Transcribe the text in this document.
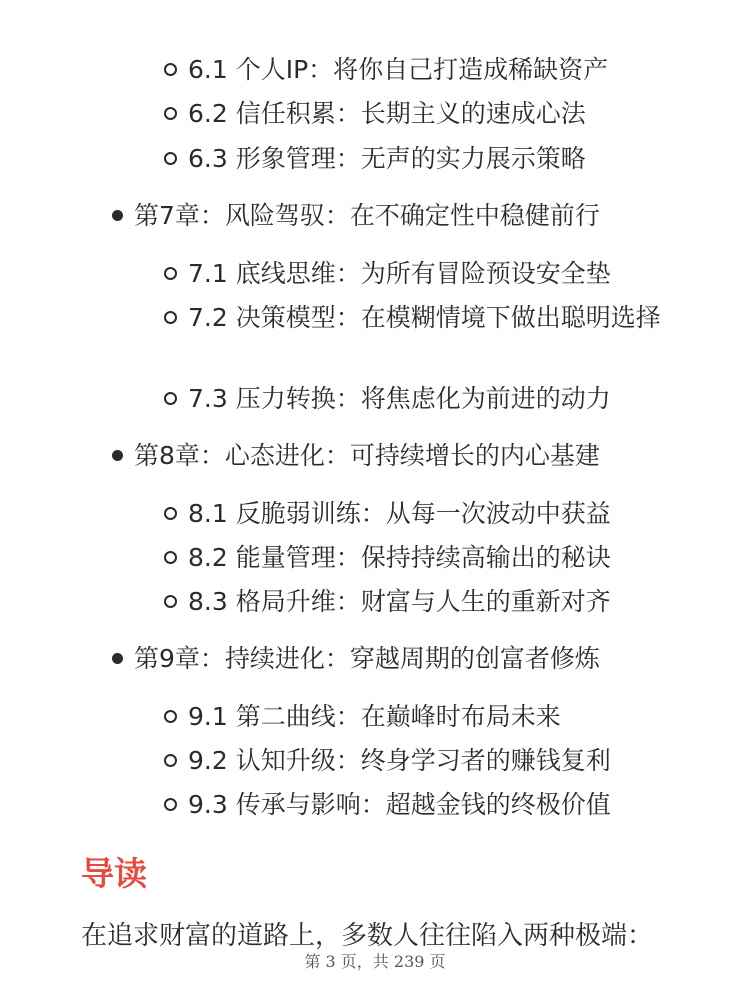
6.1 个人IP：将你自己打造成稀缺资产
6.2 信任积累：长期主义的速成心法
6.3 形象管理：无声的实力展示策略
第7章：风险驾驭：在不确定性中稳健前行
7.1 底线思维：为所有冒险预设安全垫
7.2 决策模型：在模糊情境下做出聪明选择
7.3 压力转换：将焦虑化为前进的动力
第8章：心态进化：可持续增长的内心基建
8.1 反脆弱训练：从每一次波动中获益
8.2 能量管理：保持持续高输出的秘诀
8.3 格局升维：财富与人生的重新对齐
第9章：持续进化：穿越周期的创富者修炼
9.1 第二曲线：在巅峰时布局未来
9.2 认知升级：终身学习者的赚钱复利
9.3 传承与影响：超越金钱的终极价值
导读
在追求财富的道路上，多数人往往陷入两种极端：
第 3 页，共 239 页
